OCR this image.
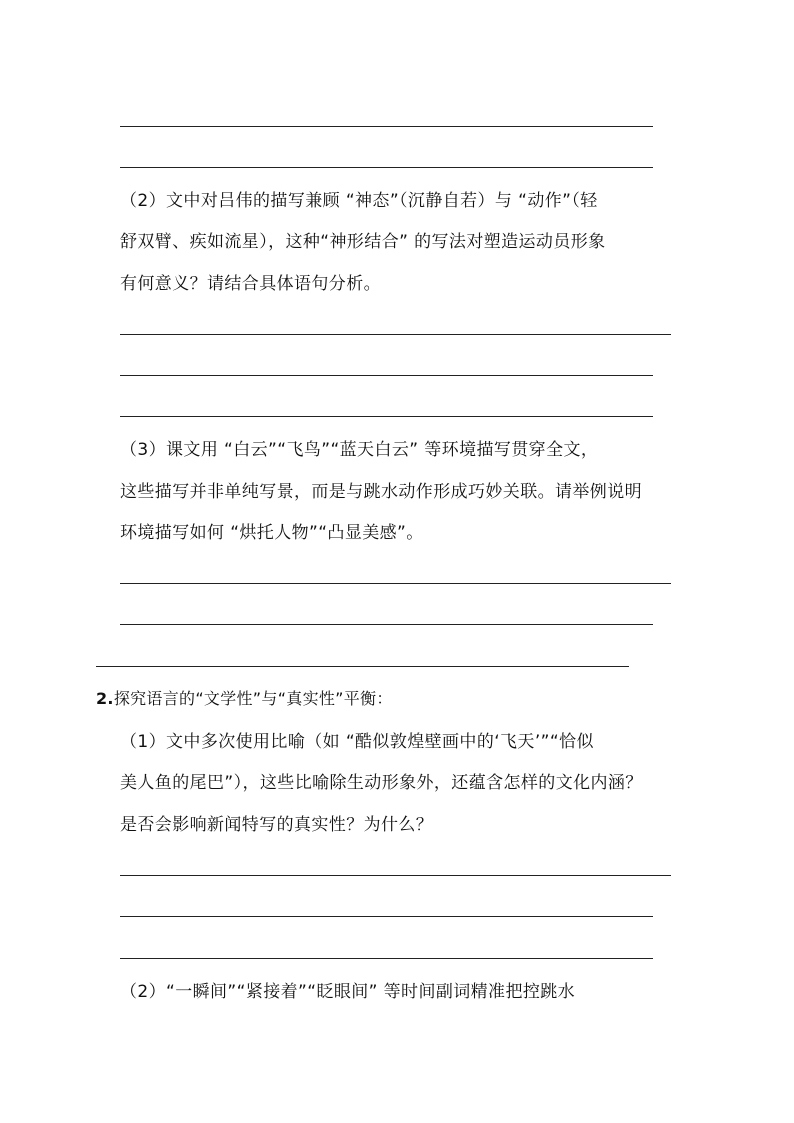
（2）文中对吕伟的描写兼顾 “神态”（沉静自若）与 “动作”（轻
舒双臂、疾如流星），这种“神形结合” 的写法对塑造运动员形象
有何意义？请结合具体语句分析。
（3）课文用 “白云”“飞鸟”“蓝天白云” 等环境描写贯穿全文，
这些描写并非单纯写景，而是与跳水动作形成巧妙关联。请举例说明
环境描写如何 “烘托人物”“凸显美感”。
2.探究语言的“文学性”与“真实性”平衡：
（1）文中多次使用比喻（如 “酷似敦煌壁画中的‘飞天’”“恰似
美人鱼的尾巴”），这些比喻除生动形象外，还蕴含怎样的文化内涵？
是否会影响新闻特写的真实性？为什么？
（2）“一瞬间”“紧接着”“眨眼间” 等时间副词精准把控跳水
